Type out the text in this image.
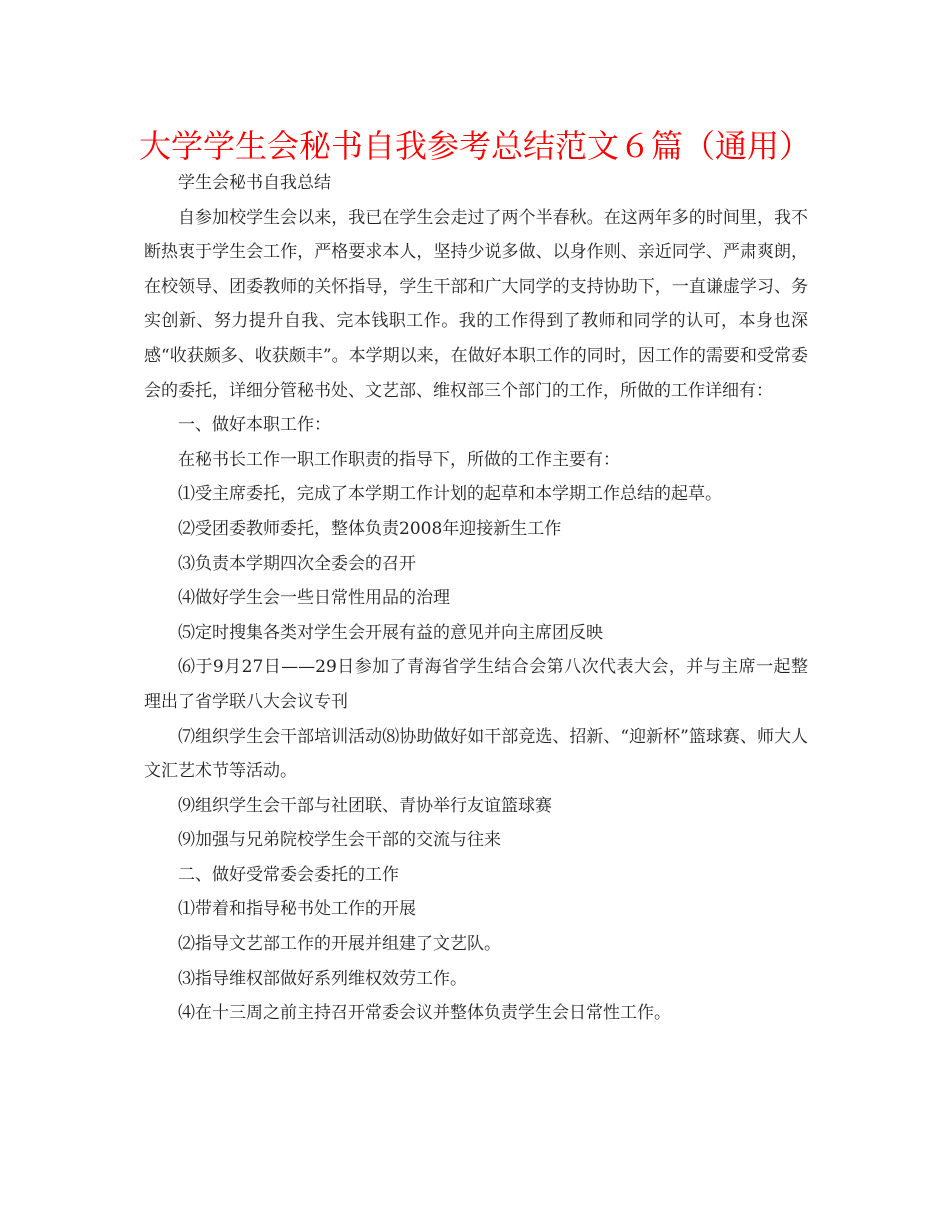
大学学生会秘书自我参考总结范文６篇（通用）

学生会秘书自我总结

自参加校学生会以来，我已在学生会走过了两个半春秋。在这两年多的时间里，我不断热衷于学生会工作，严格要求本人，坚持少说多做、以身作则、亲近同学、严肃爽朗，在校领导、团委教师的关怀指导，学生干部和广大同学的支持协助下，一直谦虚学习、务实创新、努力提升自我、完本钱职工作。我的工作得到了教师和同学的认可，本身也深感“收获颇多、收获颇丰”。本学期以来，在做好本职工作的同时，因工作的需要和受常委会的委托，详细分管秘书处、文艺部、维权部三个部门的工作，所做的工作详细有：

一、做好本职工作：

在秘书长工作一职工作职责的指导下，所做的工作主要有：

⑴受主席委托，完成了本学期工作计划的起草和本学期工作总结的起草。

⑵受团委教师委托，整体负责2008年迎接新生工作

⑶负责本学期四次全委会的召开

⑷做好学生会一些日常性用品的治理

⑸定时搜集各类对学生会开展有益的意见并向主席团反映

⑹于9月27日——29日参加了青海省学生结合会第八次代表大会，并与主席一起整理出了省学联八大会议专刊

⑺组织学生会干部培训活动⑻协助做好如干部竞选、招新、“迎新杯”篮球赛、师大人文汇艺术节等活动。

⑼组织学生会干部与社团联、青协举行友谊篮球赛

⑼加强与兄弟院校学生会干部的交流与往来

二、做好受常委会委托的工作

⑴带着和指导秘书处工作的开展

⑵指导文艺部工作的开展并组建了文艺队。

⑶指导维权部做好系列维权效劳工作。

⑷在十三周之前主持召开常委会议并整体负责学生会日常性工作。
